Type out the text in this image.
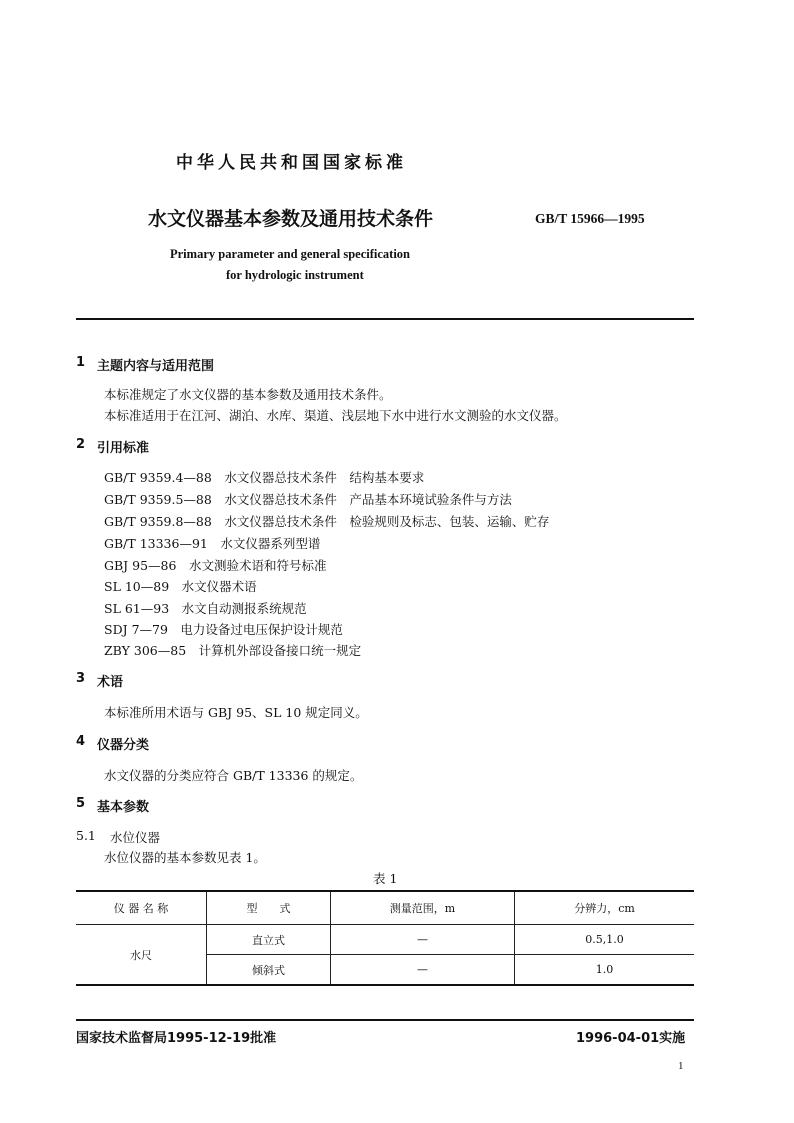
中华人民共和国国家标准
水文仪器基本参数及通用技术条件	GB/T 15966—1995
Primary parameter and general specification
for hydrologic instrument
1 主题内容与适用范围
本标准规定了水文仪器的基本参数及通用技术条件。
本标准适用于在江河、湖泊、水库、渠道、浅层地下水中进行水文测验的水文仪器。
2 引用标准
GB/T 9359.4—88　水文仪器总技术条件　结构基本要求
GB/T 9359.5—88　水文仪器总技术条件　产品基本环境试验条件与方法
GB/T 9359.8—88　水文仪器总技术条件　检验规则及标志、包装、运输、贮存
GB/T 13336—91　水文仪器系列型谱
GBJ 95—86　水文测验术语和符号标准
SL 10—89　水文仪器术语
SL 61—93　水文自动测报系统规范
SDJ 7—79　电力设备过电压保护设计规范
ZBY 306—85　计算机外部设备接口统一规定
3 术语
本标准所用术语与 GBJ 95、SL 10 规定同义。
4 仪器分类
水文仪器的分类应符合 GB/T 13336 的规定。
5 基本参数
5.1 水位仪器
水位仪器的基本参数见表 1。
表 1
仪 器 名 称	型　　式	测量范围，m	分辨力，cm
水尺	直立式	—	0.5,1.0
	倾斜式	—	1.0
国家技术监督局1995-12-19批准	1996-04-01实施
1
